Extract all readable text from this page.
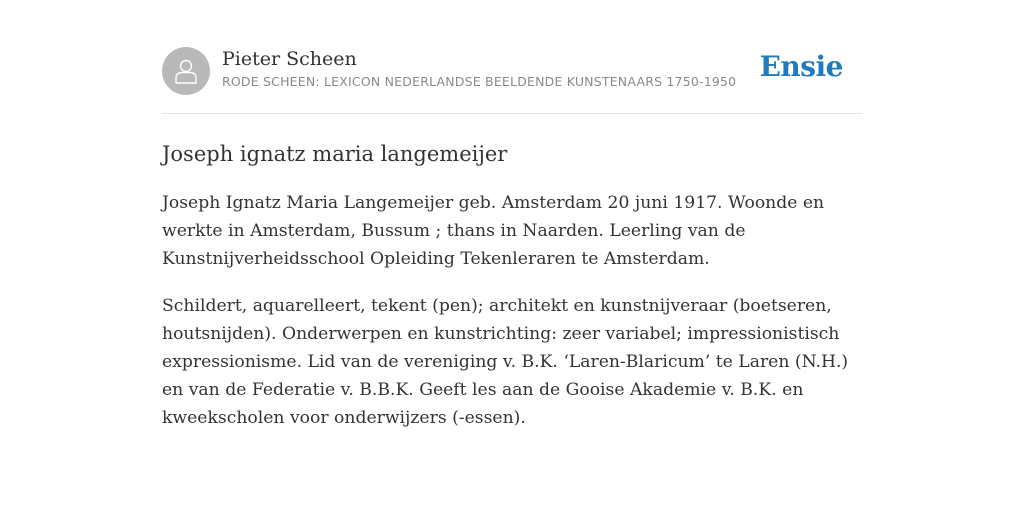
Pieter Scheen
RODE SCHEEN: LEXICON NEDERLANDSE BEELDENDE KUNSTENAARS 1750-1950 Ensie
Joseph ignatz maria langemeijer

Joseph Ignatz Maria Langemeijer geb. Amsterdam 20 juni 1917. Woonde en werkte in Amsterdam, Bussum ; thans in Naarden. Leerling van de Kunstnijverheidsschool Opleiding Tekenleraren te Amsterdam.

Schildert, aquarelleert, tekent (pen); architekt en kunstnijveraar (boetseren, houtsnijden). Onderwerpen en kunstrichting: zeer variabel; impressionistisch expressionisme. Lid van de vereniging v. B.K. ‘Laren-Blaricum’ te Laren (N.H.) en van de Federatie v. B.B.K. Geeft les aan de Gooise Akademie v. B.K. en kweekscholen voor onderwijzers (-essen).
